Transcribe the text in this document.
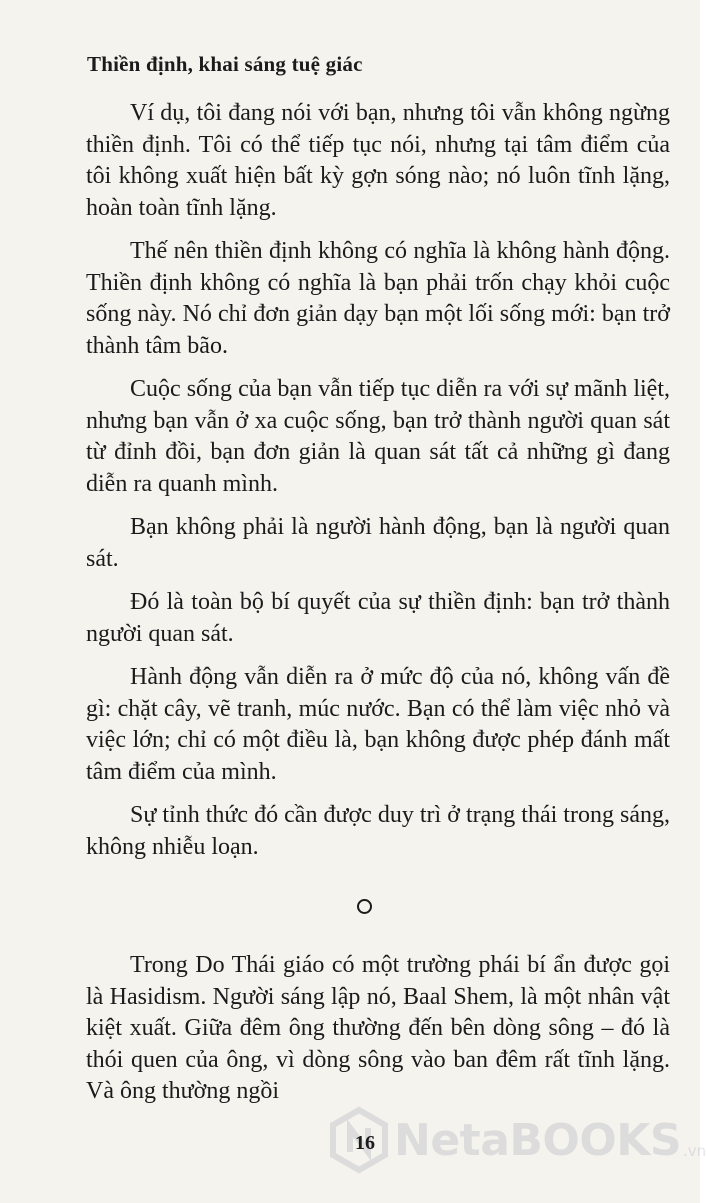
Thiền định, khai sáng tuệ giác

Ví dụ, tôi đang nói với bạn, nhưng tôi vẫn không ngừng thiền định. Tôi có thể tiếp tục nói, nhưng tại tâm điểm của tôi không xuất hiện bất kỳ gợn sóng nào; nó luôn tĩnh lặng, hoàn toàn tĩnh lặng.

Thế nên thiền định không có nghĩa là không hành động. Thiền định không có nghĩa là bạn phải trốn chạy khỏi cuộc sống này. Nó chỉ đơn giản dạy bạn một lối sống mới: bạn trở thành tâm bão.

Cuộc sống của bạn vẫn tiếp tục diễn ra với sự mãnh liệt, nhưng bạn vẫn ở xa cuộc sống, bạn trở thành người quan sát từ đỉnh đồi, bạn đơn giản là quan sát tất cả những gì đang diễn ra quanh mình.

Bạn không phải là người hành động, bạn là người quan sát.

Đó là toàn bộ bí quyết của sự thiền định: bạn trở thành người quan sát.

Hành động vẫn diễn ra ở mức độ của nó, không vấn đề gì: chặt cây, vẽ tranh, múc nước. Bạn có thể làm việc nhỏ và việc lớn; chỉ có một điều là, bạn không được phép đánh mất tâm điểm của mình.

Sự tỉnh thức đó cần được duy trì ở trạng thái trong sáng, không nhiễu loạn.

Trong Do Thái giáo có một trường phái bí ẩn được gọi là Hasidism. Người sáng lập nó, Baal Shem, là một nhân vật kiệt xuất. Giữa đêm ông thường đến bên dòng sông – đó là thói quen của ông, vì dòng sông vào ban đêm rất tĩnh lặng. Và ông thường ngồi

NetaBOOKS .vn
16
